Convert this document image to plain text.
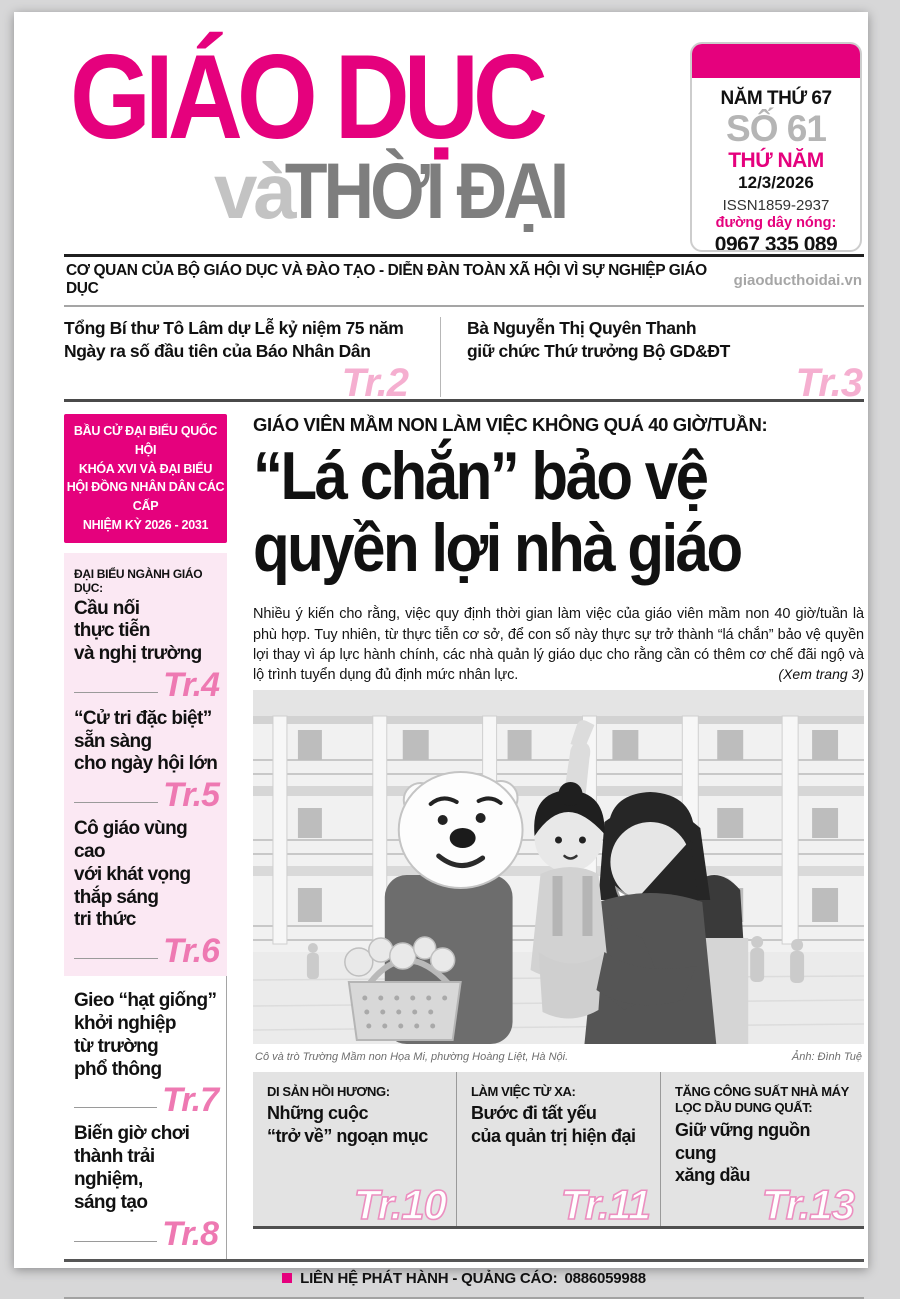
GIÁO DỤC
vàTHỜI ĐẠI
NĂM THỨ 67
SỐ 61
THỨ NĂM
12/3/2026
ISSN1859-2937
đường dây nóng:
0967 335 089
CƠ QUAN CỦA BỘ GIÁO DỤC VÀ ĐÀO TẠO - DIỄN ĐÀN TOÀN XÃ HỘI VÌ SỰ NGHIỆP GIÁO DỤC	giaoducthoidai.vn
Tổng Bí thư Tô Lâm dự Lễ kỷ niệm 75 năm
Ngày ra số đầu tiên của Báo Nhân Dân
Tr.2
Bà Nguyễn Thị Quyên Thanh
giữ chức Thứ trưởng Bộ GD&ĐT
Tr.3
BẦU CỬ ĐẠI BIỂU QUỐC HỘI
KHÓA XVI VÀ ĐẠI BIỂU
HỘI ĐỒNG NHÂN DÂN CÁC CẤP
NHIỆM KỲ 2026 - 2031
ĐẠI BIỂU NGÀNH GIÁO DỤC:
Cầu nối
thực tiễn
và nghị trường
Tr.4
“Cử tri đặc biệt”
sẵn sàng
cho ngày hội lớn
Tr.5
Cô giáo vùng cao
với khát vọng
thắp sáng
tri thức
Tr.6
Gieo “hạt giống”
khởi nghiệp
từ trường
phổ thông
Tr.7
Biến giờ chơi
thành trải nghiệm,
sáng tạo
Tr.8
GIÁO VIÊN MẦM NON LÀM VIỆC KHÔNG QUÁ 40 GIỜ/TUẦN:
“Lá chắn” bảo vệ
quyền lợi nhà giáo
Nhiều ý kiến cho rằng, việc quy định thời gian làm việc của giáo viên mầm non 40 giờ/tuần là phù hợp. Tuy nhiên, từ thực tiễn cơ sở, để con số này thực sự trở thành “lá chắn” bảo vệ quyền lợi thay vì áp lực hành chính, các nhà quản lý giáo dục cho rằng cần có thêm cơ chế đãi ngộ và lộ trình tuyển dụng đủ định mức nhân lực.	(Xem trang 3)
Cô và trò Trường Mầm non Họa Mi, phường Hoàng Liệt, Hà Nội.	Ảnh: Đình Tuệ
DI SẢN HỒI HƯƠNG:
Những cuộc
“trở về” ngoạn mục
Tr.10
LÀM VIỆC TỪ XA:
Bước đi tất yếu
của quản trị hiện đại
Tr.11
TĂNG CÔNG SUẤT NHÀ MÁY LỌC DẦU DUNG QUẤT:
Giữ vững nguồn cung
xăng dầu
Tr.13
LIÊN HỆ PHÁT HÀNH - QUẢNG CÁO: 0886059988
